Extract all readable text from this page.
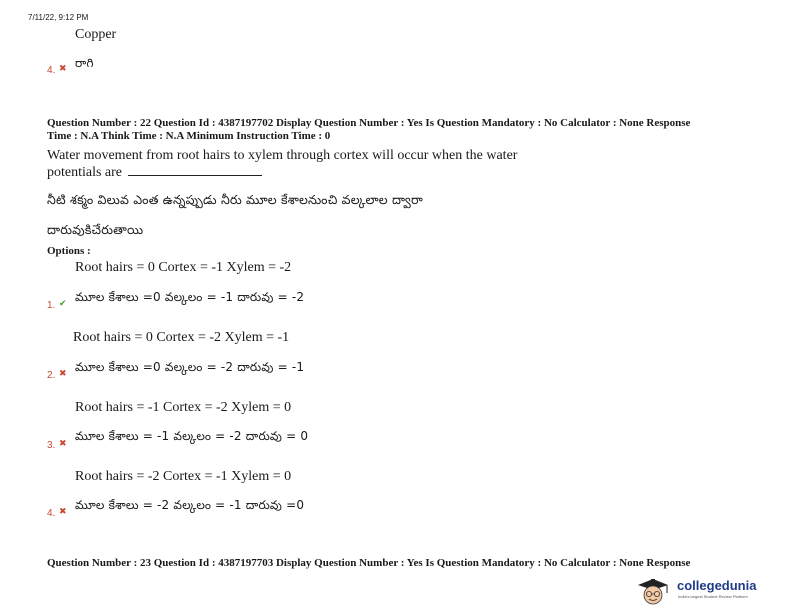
7/11/22, 9:12 PM
Copper
4. ✖ రాగి
Question Number : 22 Question Id : 4387197702 Display Question Number : Yes Is Question Mandatory : No Calculator : None Response
Time : N.A Think Time : N.A Minimum Instruction Time : 0
Water movement from root hairs to xylem through cortex will occur when the water
potentials are
నీటి శక్మం విలువ ఎంత ఉన్నప్పుడు నీరు మూల కేశాలనుంచి వల్కలాల ద్వారా
దారువుకిచేరుతాయి
Options :
Root hairs = 0 Cortex = -1 Xylem = -2
1. ✔ మూల కేశాలు =0 వల్కలం = -1 దారువు = -2
Root hairs = 0 Cortex = -2 Xylem = -1
2. ✖ మూల కేశాలు =0 వల్కలం = -2 దారువు = -1
Root hairs = -1 Cortex = -2 Xylem = 0
3. ✖
మూల కేశాలు = -1 వల్కలం = -2 దారువు = 0
Root hairs = -2 Cortex = -1 Xylem = 0
4. ✖ మూల కేశాలు = -2 వల్కలం = -1 దారువు =0
Question Number : 23 Question Id : 4387197703 Display Question Number : Yes Is Question Mandatory : No Calculator : None Response
collegedunia
India's largest Student Review Platform
